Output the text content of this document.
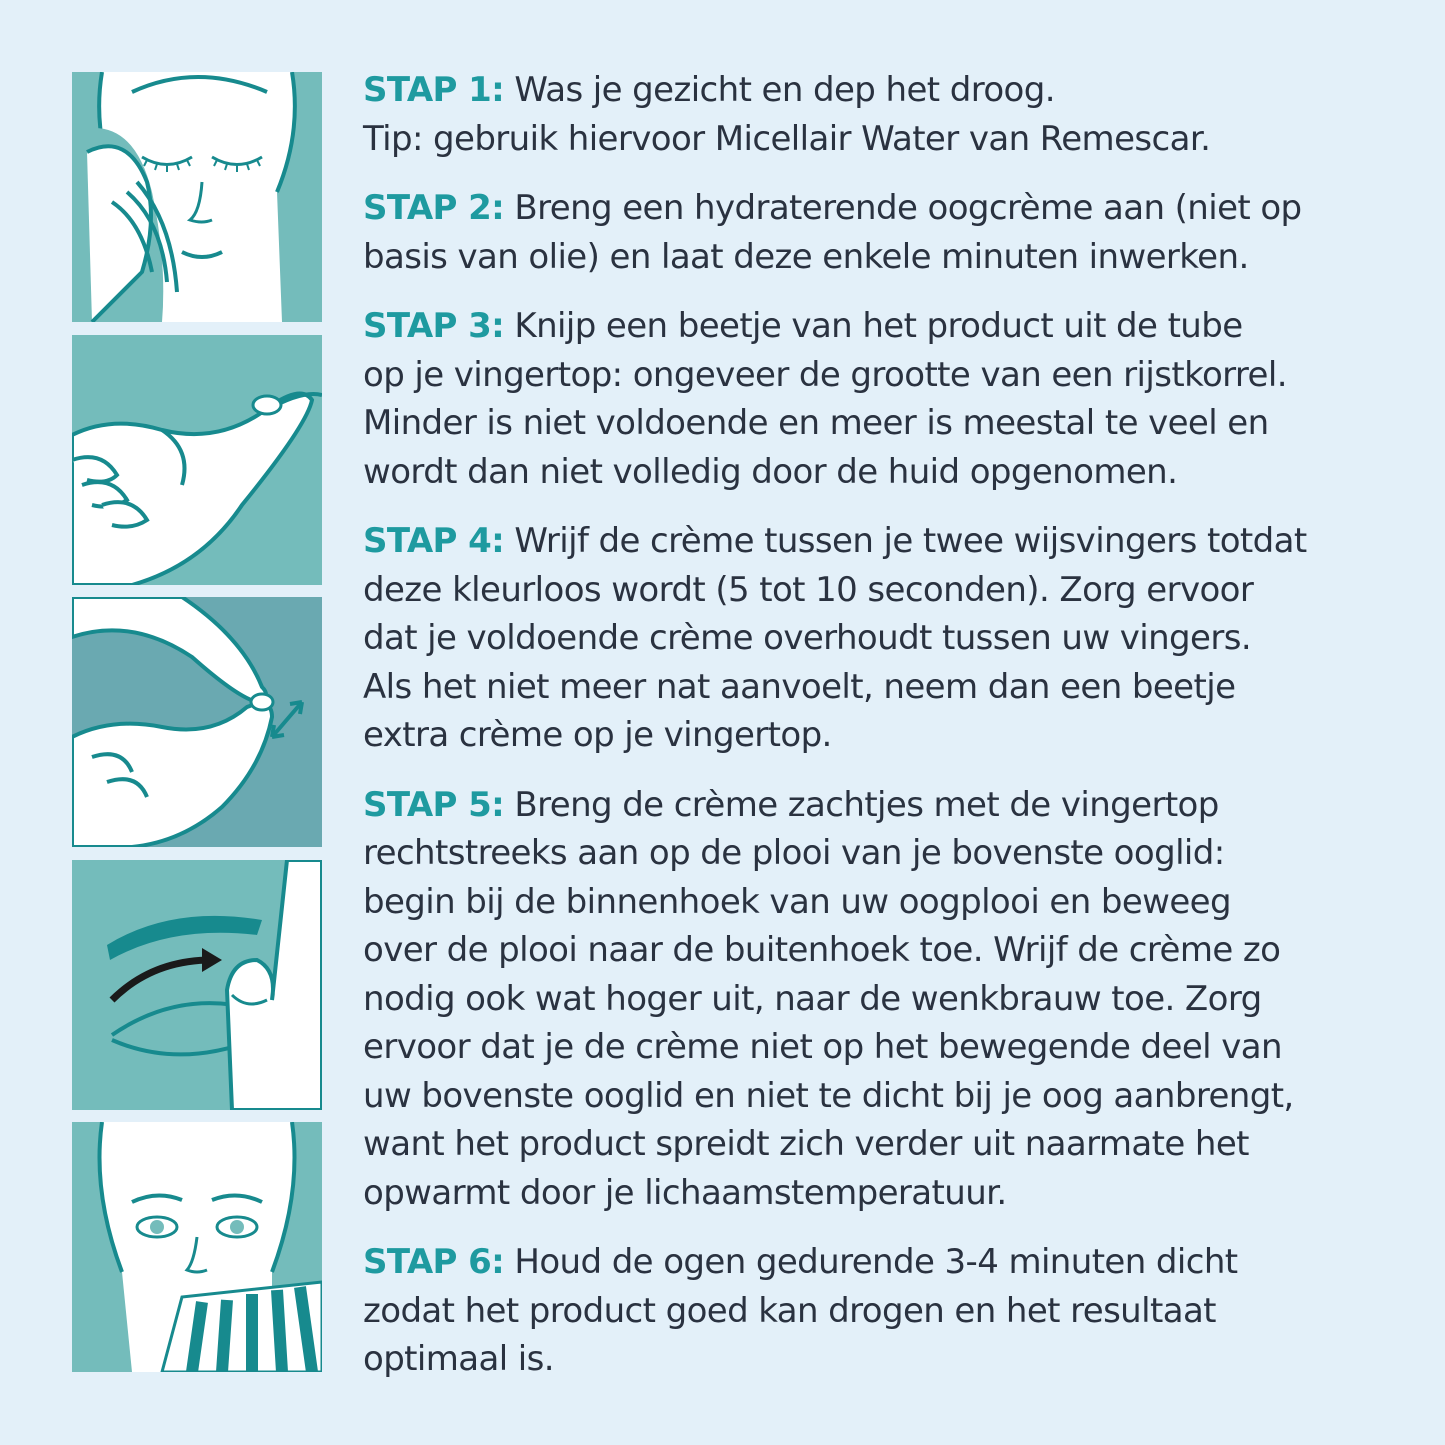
STAP 1: Was je gezicht en dep het droog.
Tip: gebruik hiervoor Micellair Water van Remescar.
STAP 2: Breng een hydraterende oogcrème aan (niet op
basis van olie) en laat deze enkele minuten inwerken.
STAP 3: Knijp een beetje van het product uit de tube
op je vingertop: ongeveer de grootte van een rijstkorrel.
Minder is niet voldoende en meer is meestal te veel en
wordt dan niet volledig door de huid opgenomen.
STAP 4: Wrijf de crème tussen je twee wijsvingers totdat
deze kleurloos wordt (5 tot 10 seconden). Zorg ervoor
dat je voldoende crème overhoudt tussen uw vingers.
Als het niet meer nat aanvoelt, neem dan een beetje
extra crème op je vingertop.
STAP 5: Breng de crème zachtjes met de vingertop
rechtstreeks aan op de plooi van je bovenste ooglid:
begin bij de binnenhoek van uw oogplooi en beweeg
over de plooi naar de buitenhoek toe. Wrijf de crème zo
nodig ook wat hoger uit, naar de wenkbrauw toe. Zorg
ervoor dat je de crème niet op het bewegende deel van
uw bovenste ooglid en niet te dicht bij je oog aanbrengt,
want het product spreidt zich verder uit naarmate het
opwarmt door je lichaamstemperatuur.
STAP 6: Houd de ogen gedurende 3-4 minuten dicht
zodat het product goed kan drogen en het resultaat
optimaal is.
